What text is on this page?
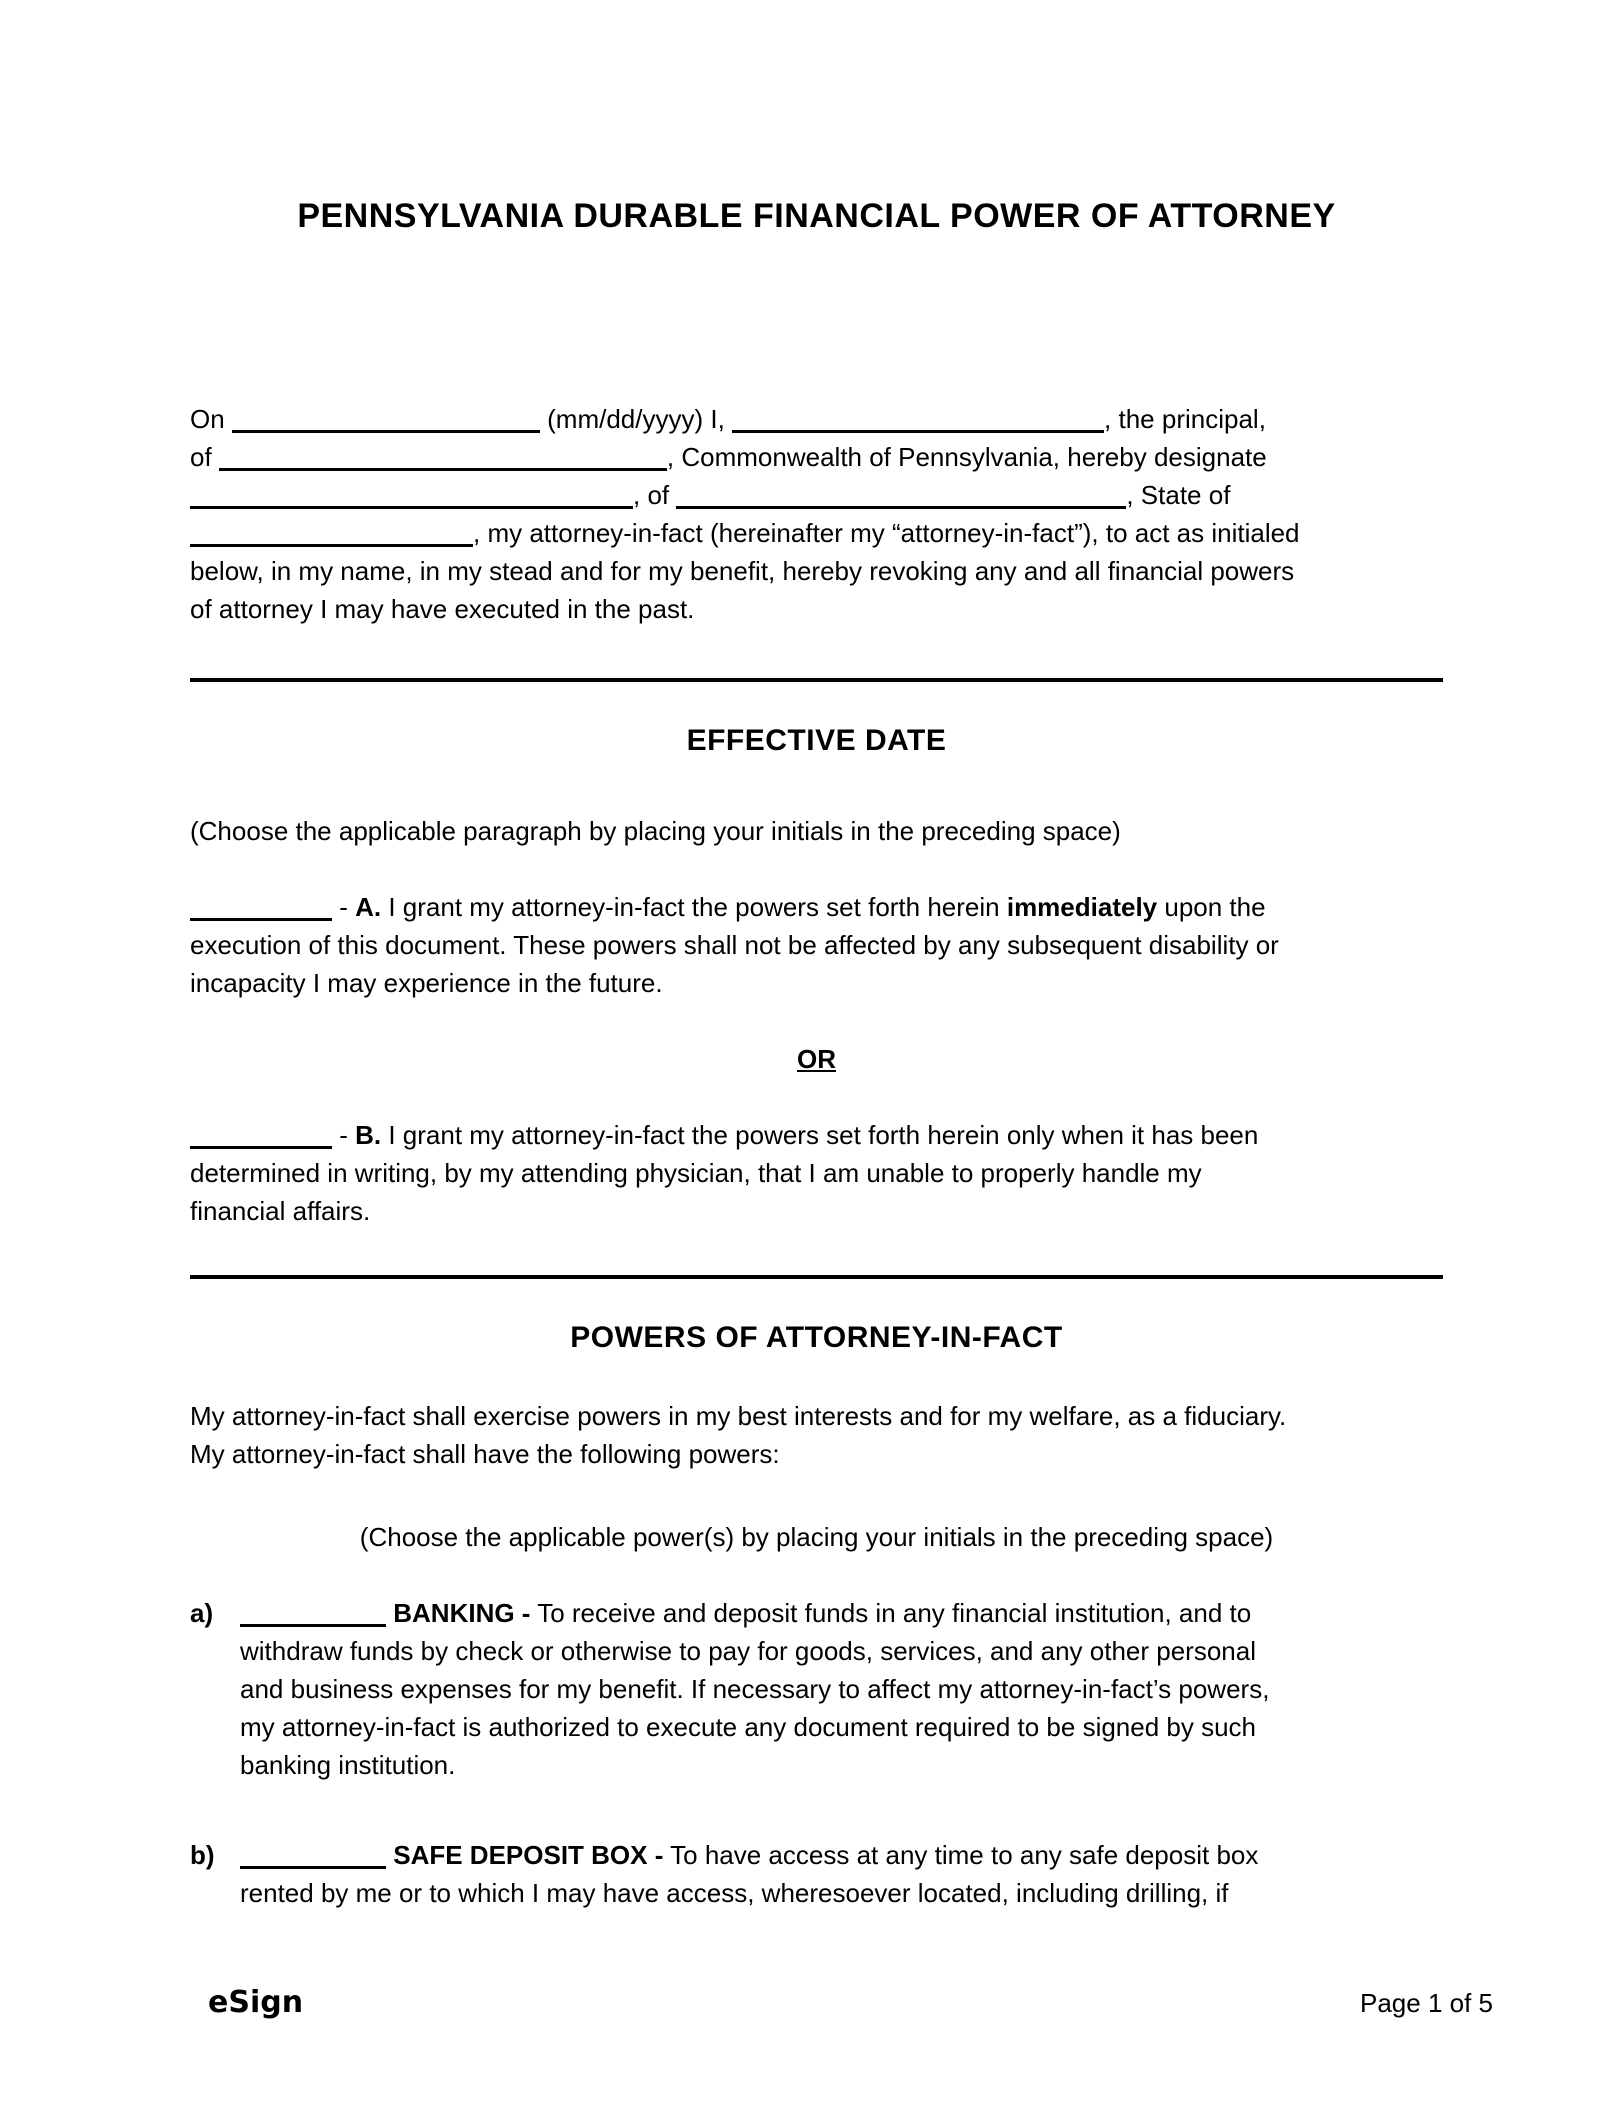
PENNSYLVANIA DURABLE FINANCIAL POWER OF ATTORNEY
On	(mm/dd/yyyy) I,	, the principal,
of	, Commonwealth of Pennsylvania, hereby designate
, of	, State of
, my attorney-in-fact (hereinafter my “attorney-in-fact”), to act as initialed
below, in my name, in my stead and for my benefit, hereby revoking any and all financial powers
of attorney I may have executed in the past.
EFFECTIVE DATE
(Choose the applicable paragraph by placing your initials in the preceding space)
- A. I grant my attorney-in-fact the powers set forth herein immediately upon the
execution of this document. These powers shall not be affected by any subsequent disability or
incapacity I may experience in the future.
OR
- B. I grant my attorney-in-fact the powers set forth herein only when it has been
determined in writing, by my attending physician, that I am unable to properly handle my
financial affairs.
POWERS OF ATTORNEY-IN-FACT
My attorney-in-fact shall exercise powers in my best interests and for my welfare, as a fiduciary.
My attorney-in-fact shall have the following powers:
(Choose the applicable power(s) by placing your initials in the preceding space)
a)	BANKING - To receive and deposit funds in any financial institution, and to
withdraw funds by check or otherwise to pay for goods, services, and any other personal
and business expenses for my benefit. If necessary to affect my attorney-in-fact’s powers,
my attorney-in-fact is authorized to execute any document required to be signed by such
banking institution.
b)	SAFE DEPOSIT BOX - To have access at any time to any safe deposit box
rented by me or to which I may have access, wheresoever located, including drilling, if
eSign	Page 1 of 5
